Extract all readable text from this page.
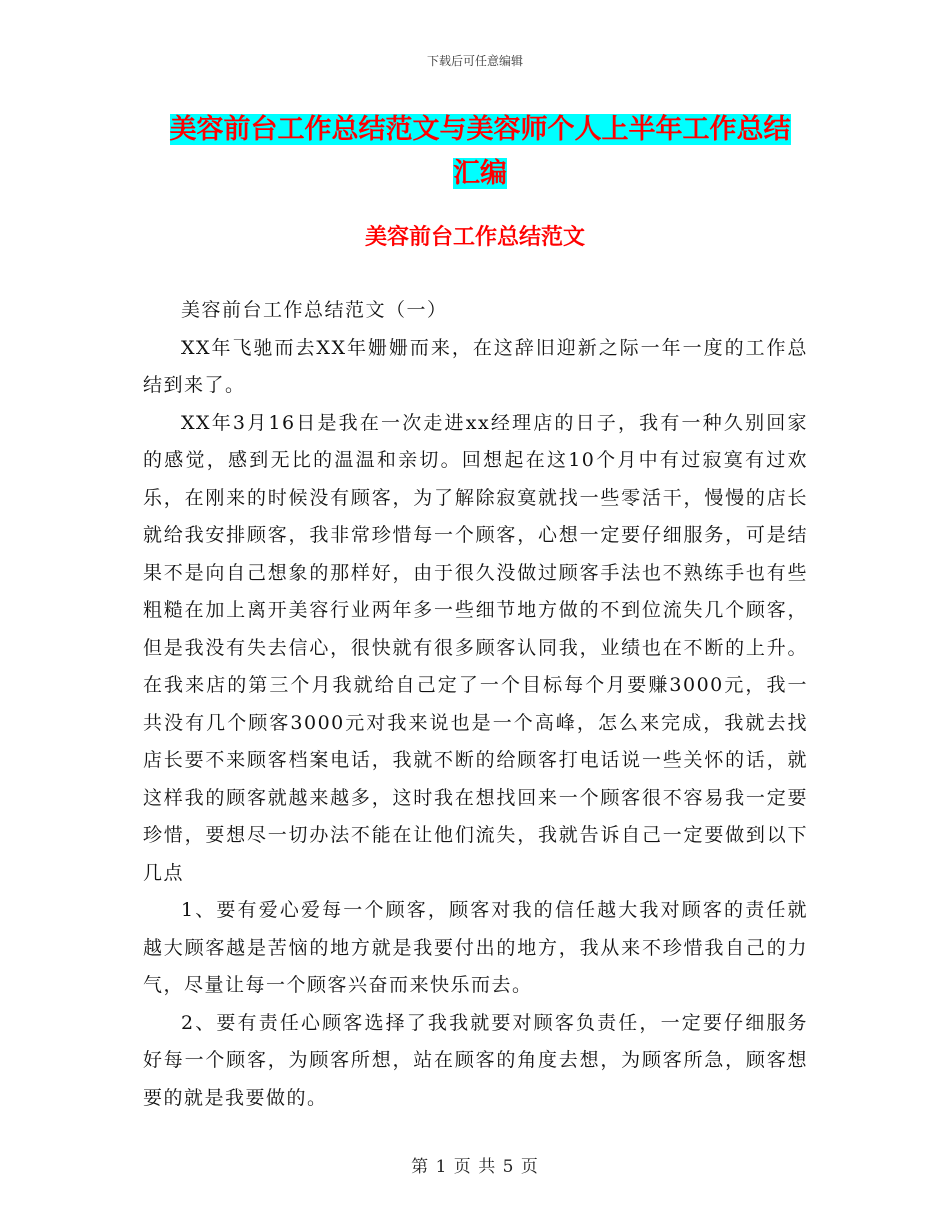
下载后可任意编辑
美容前台工作总结范文与美容师个人上半年工作总结
汇编
美容前台工作总结范文

美容前台工作总结范文（一）

XX年飞驰而去XX年姗姗而来，在这辞旧迎新之际一年一度的工作总结到来了。

XX年3月16日是我在一次走进xx经理店的日子，我有一种久别回家的感觉，感到无比的温温和亲切。回想起在这10个月中有过寂寞有过欢乐，在刚来的时候没有顾客，为了解除寂寞就找一些零活干，慢慢的店长就给我安排顾客，我非常珍惜每一个顾客，心想一定要仔细服务，可是结果不是向自己想象的那样好，由于很久没做过顾客手法也不熟练手也有些粗糙在加上离开美容行业两年多一些细节地方做的不到位流失几个顾客，但是我没有失去信心，很快就有很多顾客认同我，业绩也在不断的上升。在我来店的第三个月我就给自己定了一个目标每个月要赚3000元，我一共没有几个顾客3000元对我来说也是一个高峰，怎么来完成，我就去找店长要不来顾客档案电话，我就不断的给顾客打电话说一些关怀的话，就这样我的顾客就越来越多，这时我在想找回来一个顾客很不容易我一定要珍惜，要想尽一切办法不能在让他们流失，我就告诉自己一定要做到以下几点

1、要有爱心爱每一个顾客，顾客对我的信任越大我对顾客的责任就越大顾客越是苦恼的地方就是我要付出的地方，我从来不珍惜我自己的力气，尽量让每一个顾客兴奋而来快乐而去。

2、要有责任心顾客选择了我我就要对顾客负责任，一定要仔细服务好每一个顾客，为顾客所想，站在顾客的角度去想，为顾客所急，顾客想要的就是我要做的。

第 1 页 共 5 页
